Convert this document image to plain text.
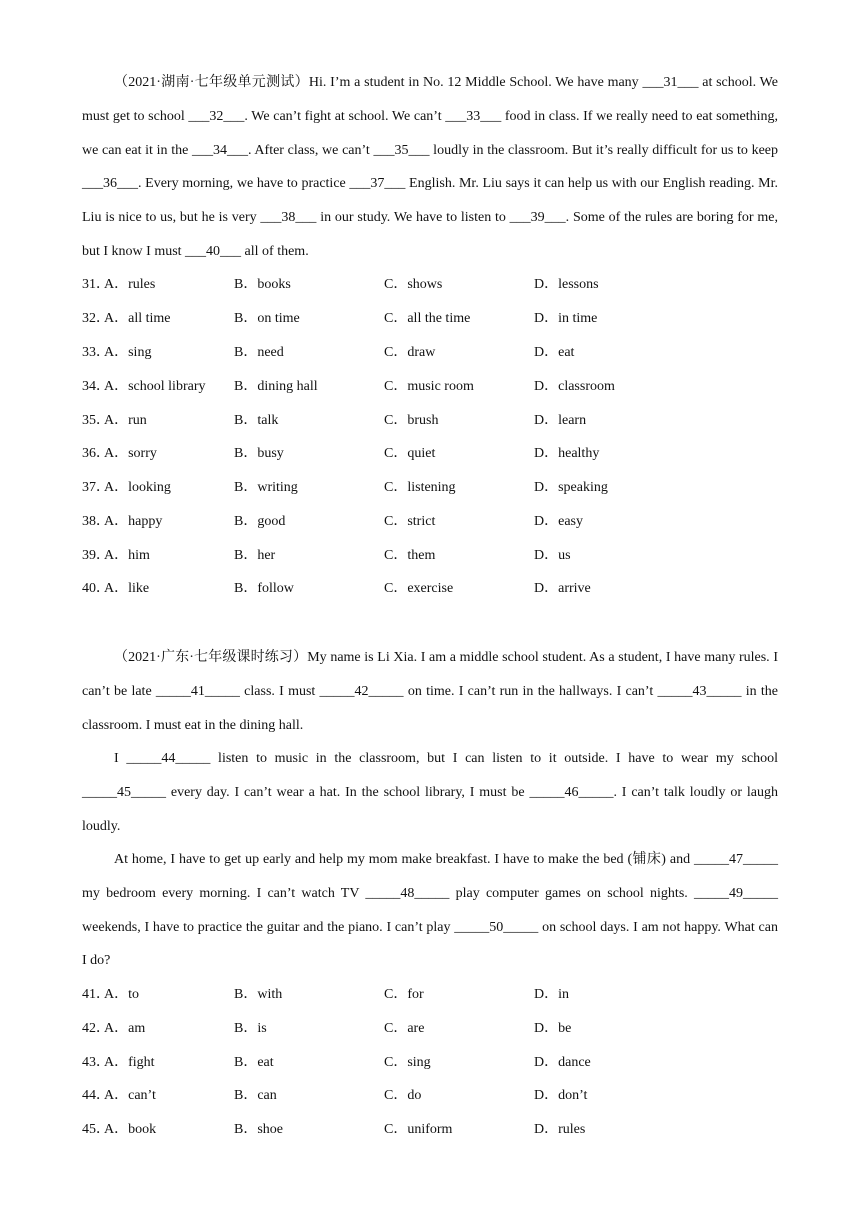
（2021·湖南·七年级单元测试）Hi. I’m a student in No. 12 Middle School. We have many ___31___ at school. We must get to school ___32___. We can’t fight at school. We can’t ___33___ food in class. If we really need to eat something, we can eat it in the ___34___. After class, we can’t ___35___ loudly in the classroom. But it’s really difficult for us to keep ___36___. Every morning, we have to practice ___37___ English. Mr. Liu says it can help us with our English reading. Mr. Liu is nice to us, but he is very ___38___ in our study. We have to listen to ___39___. Some of the rules are boring for me, but I know I must ___40___ all of them.

31．
A．rules	B．books	C．shows	D．lessons
32．
A．all time	B．on time	C．all the time	D．in time
33．
A．sing	B．need	C．draw	D．eat
34．
A．school library B．dining hall	C．music room	D．classroom
35．
A．run	B．talk	C．brush	D．learn
36．
A．sorry	B．busy	C．quiet	D．healthy
37．
A．looking	B．writing	C．listening	D．speaking
38．
A．happy	B．good	C．strict	D．easy
39．
A．him	B．her	C．them	D．us
40．
A．like	B．follow	C．exercise	D．arrive

（2021·广东·七年级课时练习）My name is Li Xia. I am a middle school student. As a student, I have many rules. I can’t be late _____41_____ class. I must _____42_____ on time. I can’t run in the hallways. I can’t _____43_____ in the classroom. I must eat in the dining hall.

I _____44_____ listen to music in the classroom, but I can listen to it outside. I have to wear my school _____45_____ every day. I can’t wear a hat. In the school library, I must be _____46_____. I can’t talk loudly or laugh loudly.

At home, I have to get up early and help my mom make breakfast. I have to make the bed (铺床) and _____47_____ my bedroom every morning. I can’t watch TV _____48_____ play computer games on school nights. _____49_____ weekends, I have to practice the guitar and the piano. I can’t play _____50_____ on school days. I am not happy. What can I do?

41．
A．to	B．with	C．for	D．in
42．
A．am	B．is	C．are	D．be
43．
A．fight	B．eat	C．sing	D．dance
44．
A．can’t	B．can	C．do	D．don’t
45．
A．book	B．shoe	C．uniform	D．rules
